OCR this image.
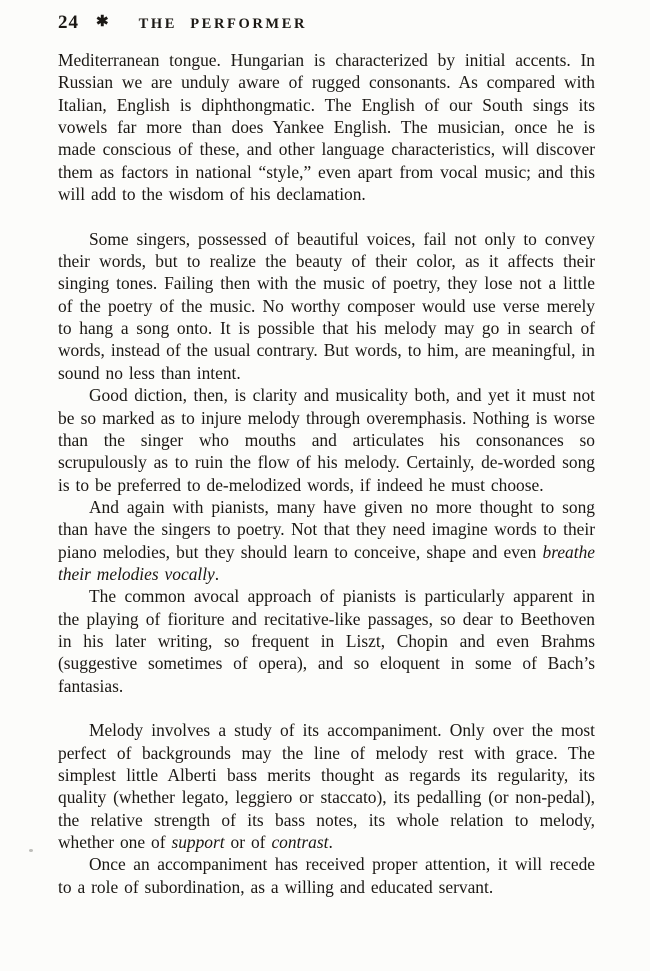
24 ✱ THE PERFORMER

Mediterranean tongue. Hungarian is characterized by initial accents. In Russian we are unduly aware of rugged consonants. As compared with Italian, English is diphthongmatic. The English of our South sings its vowels far more than does Yankee English. The musician, once he is made conscious of these, and other language characteristics, will discover them as factors in national “style,” even apart from vocal music; and this will add to the wisdom of his declamation.

Some singers, possessed of beautiful voices, fail not only to convey their words, but to realize the beauty of their color, as it affects their singing tones. Failing then with the music of poetry, they lose not a little of the poetry of the music. No worthy composer would use verse merely to hang a song onto. It is possible that his melody may go in search of words, instead of the usual contrary. But words, to him, are meaningful, in sound no less than intent.

Good diction, then, is clarity and musicality both, and yet it must not be so marked as to injure melody through overemphasis. Nothing is worse than the singer who mouths and articulates his consonances so scrupulously as to ruin the flow of his melody. Certainly, de-worded song is to be preferred to de-melodized words, if indeed he must choose.

And again with pianists, many have given no more thought to song than have the singers to poetry. Not that they need imagine words to their piano melodies, but they should learn to conceive, shape and even breathe their melodies vocally.

The common avocal approach of pianists is particularly apparent in the playing of fioriture and recitative-like passages, so dear to Beethoven in his later writing, so frequent in Liszt, Chopin and even Brahms (suggestive sometimes of opera), and so eloquent in some of Bach’s fantasias.

Melody involves a study of its accompaniment. Only over the most perfect of backgrounds may the line of melody rest with grace. The simplest little Alberti bass merits thought as regards its regularity, its quality (whether legato, leggiero or staccato), its pedalling (or non-pedal), the relative strength of its bass notes, its whole relation to melody, whether one of support or of contrast.

Once an accompaniment has received proper attention, it will recede to a role of subordination, as a willing and educated servant.
